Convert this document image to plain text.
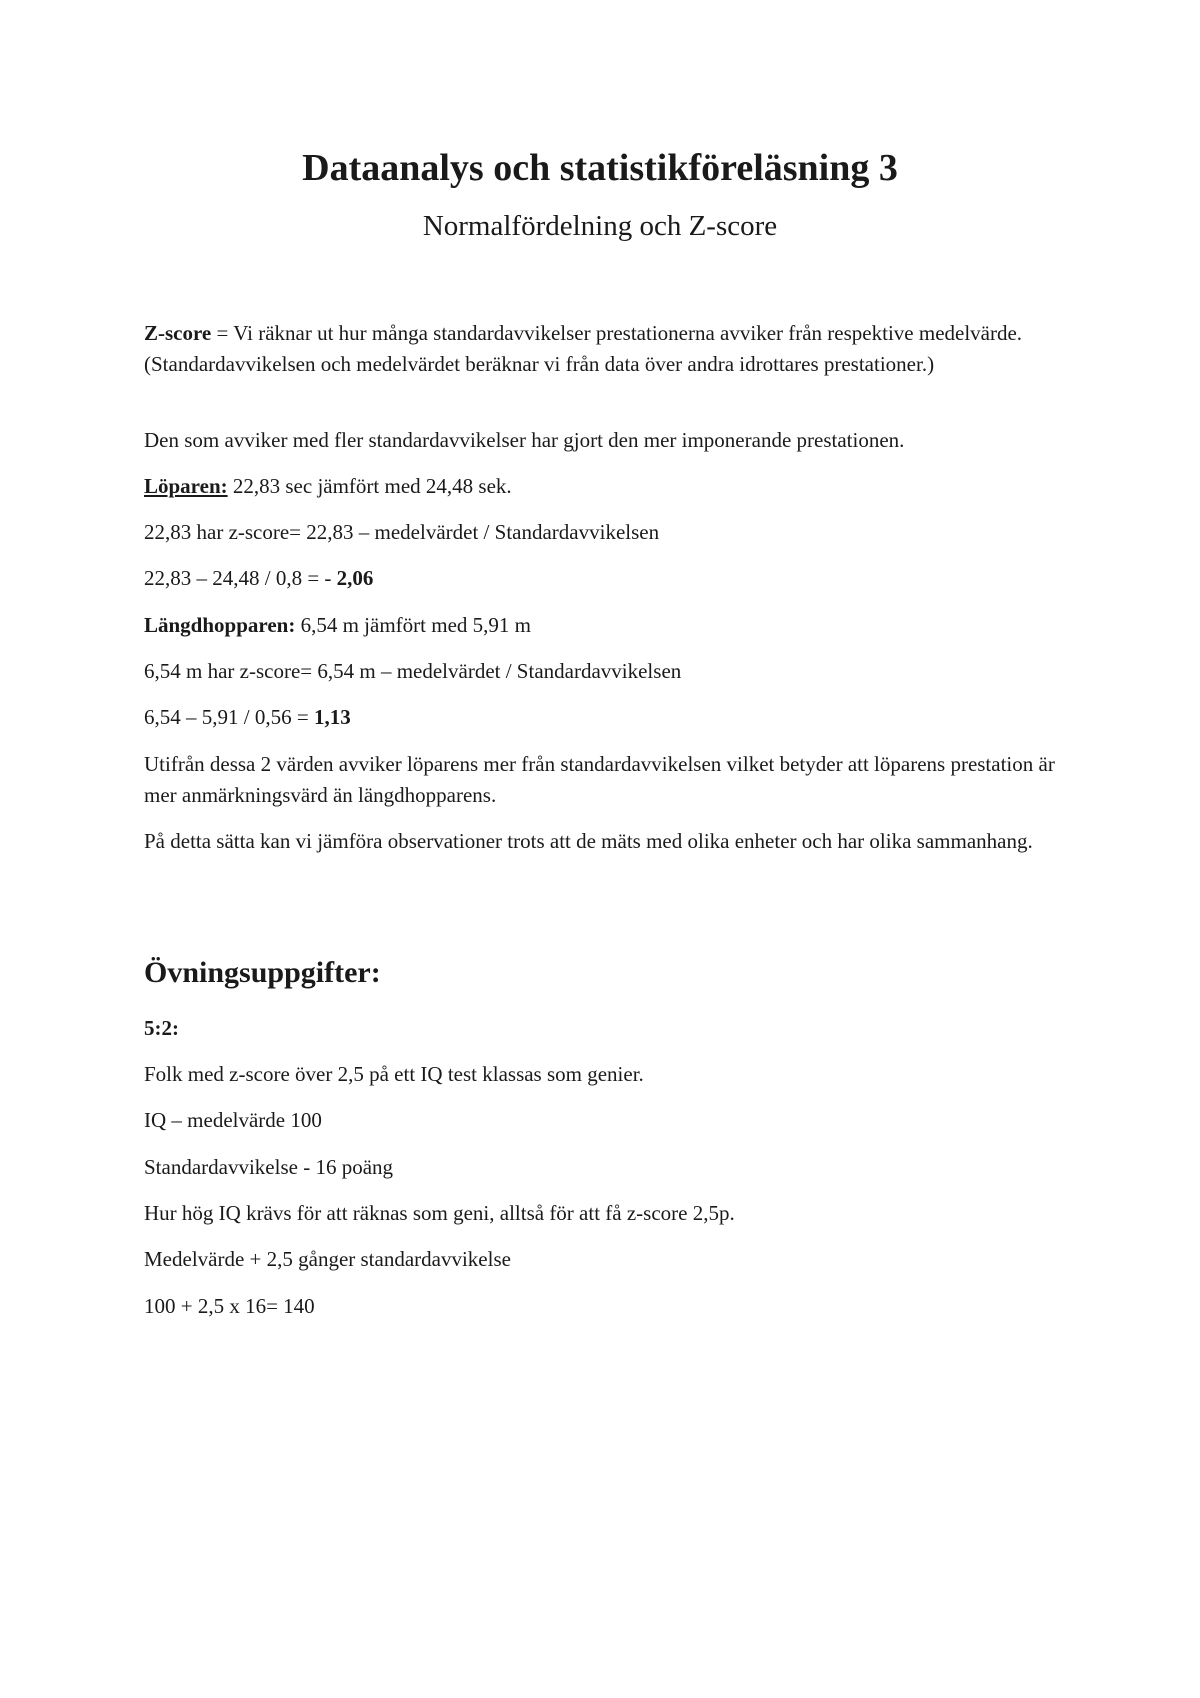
Dataanalys och statistikföreläsning 3
Normalfördelning och Z-score

Z-score = Vi räknar ut hur många standardavvikelser prestationerna avviker från respektive medelvärde. (Standardavvikelsen och medelvärdet beräknar vi från data över andra idrottares prestationer.)

Den som avviker med fler standardavvikelser har gjort den mer imponerande prestationen.

Löparen: 22,83 sec jämfört med 24,48 sek.

22,83 har z-score= 22,83 – medelvärdet / Standardavvikelsen

22,83 – 24,48 / 0,8 = - 2,06

Längdhopparen: 6,54 m jämfört med 5,91 m

6,54 m har z-score= 6,54 m – medelvärdet / Standardavvikelsen

6,54 – 5,91 / 0,56 = 1,13

Utifrån dessa 2 värden avviker löparens mer från standardavvikelsen vilket betyder att löparens prestation är mer anmärkningsvärd än längdhopparens.

På detta sätta kan vi jämföra observationer trots att de mäts med olika enheter och har olika sammanhang.

Övningsuppgifter:

5:2:

Folk med z-score över 2,5 på ett IQ test klassas som genier.

IQ – medelvärde 100

Standardavvikelse - 16 poäng

Hur hög IQ krävs för att räknas som geni, alltså för att få z-score 2,5p.

Medelvärde + 2,5 gånger standardavvikelse

100 + 2,5 x 16= 140
